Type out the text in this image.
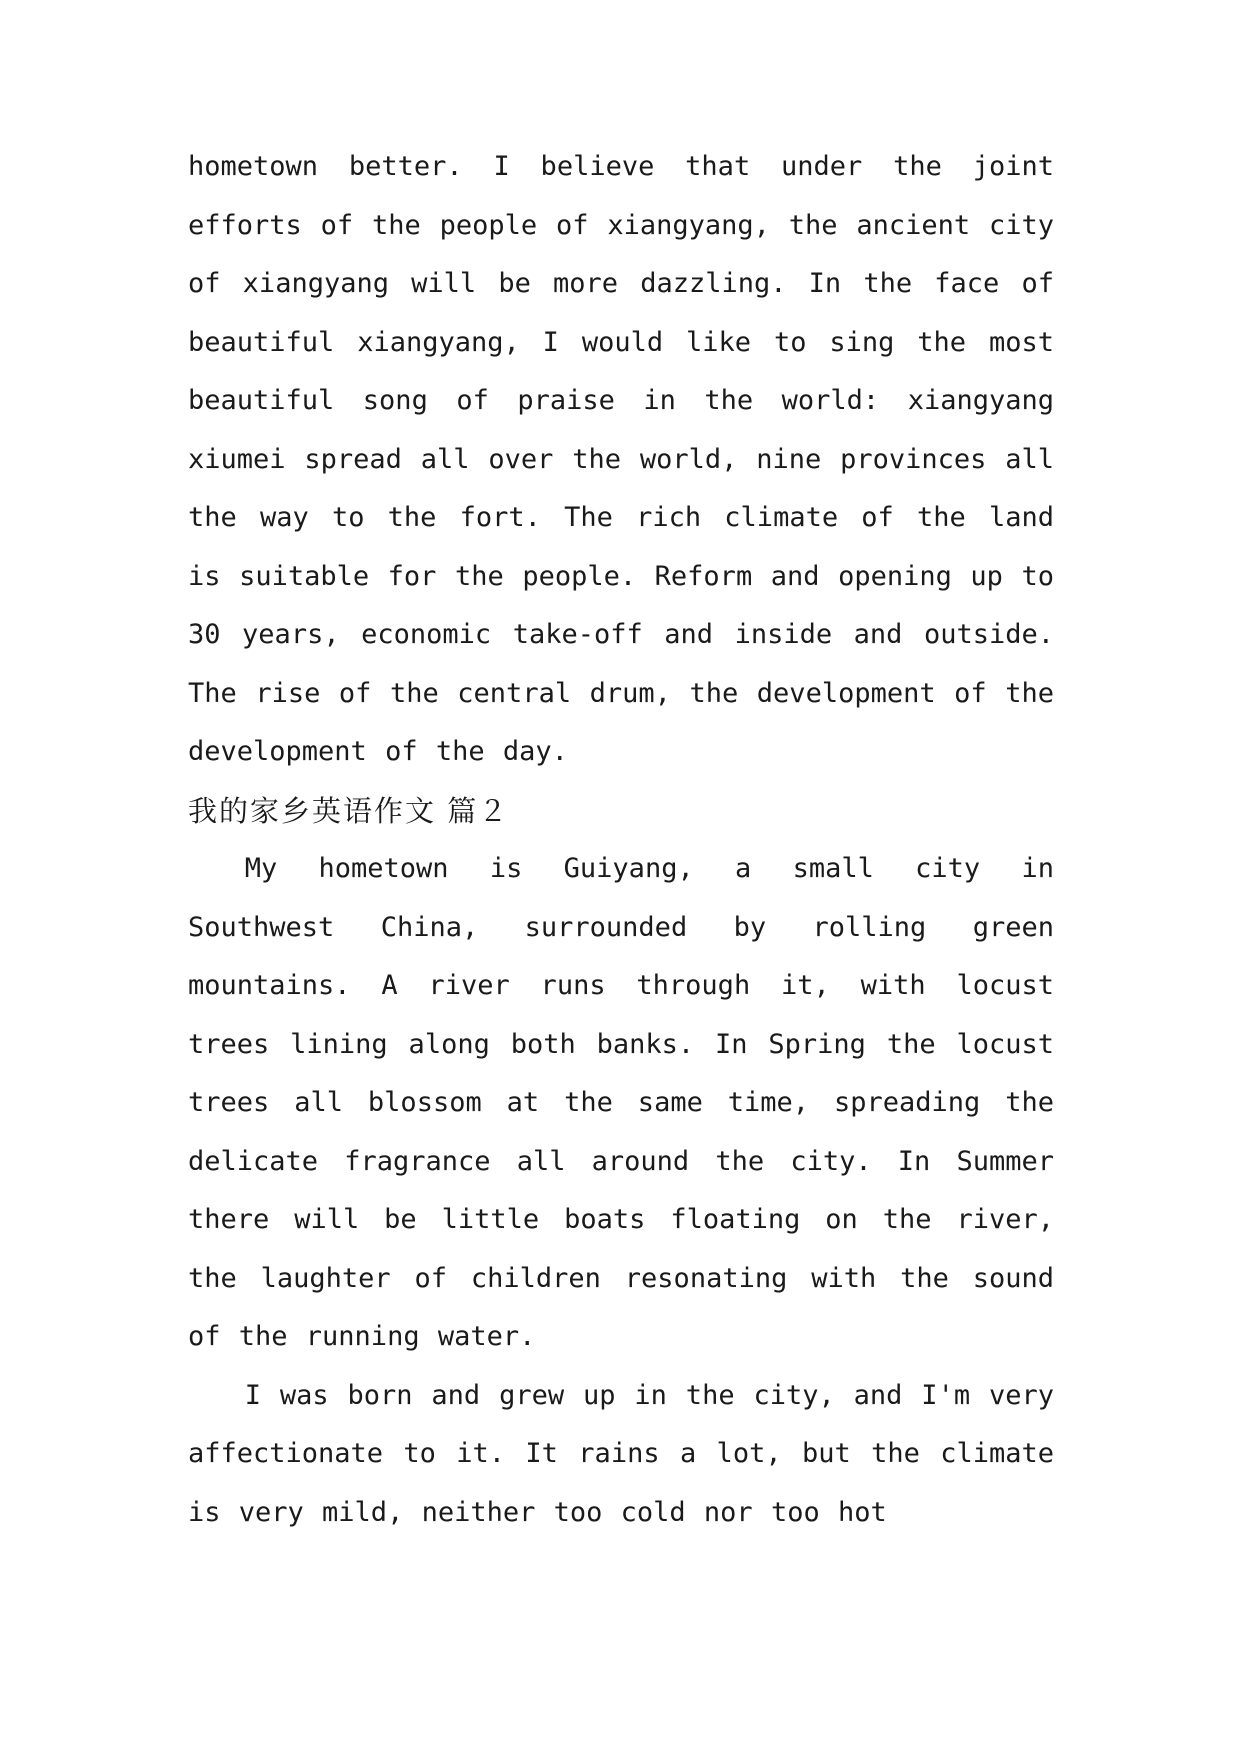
hometown better. I believe that under the joint efforts of the people of xiangyang, the ancient city of xiangyang will be more dazzling. In the face of beautiful xiangyang, I would like to sing the most beautiful song of praise in the world: xiangyang xiumei spread all over the world, nine provinces all the way to the fort. The rich climate of the land is suitable for the people. Reform and opening up to 30 years, economic take-off and inside and outside. The rise of the central drum, the development of the development of the day.

我的家乡英语作文 篇２

My hometown is Guiyang, a small city in Southwest China, surrounded by rolling green mountains. A river runs through it, with locust trees lining along both banks. In Spring the locust trees all blossom at the same time, spreading the delicate fragrance all around the city. In Summer there will be little boats floating on the river, the laughter of children resonating with the sound of the running water.

I was born and grew up in the city, and I'm very affectionate to it. It rains a lot, but the climate is very mild, neither too cold nor too hot
